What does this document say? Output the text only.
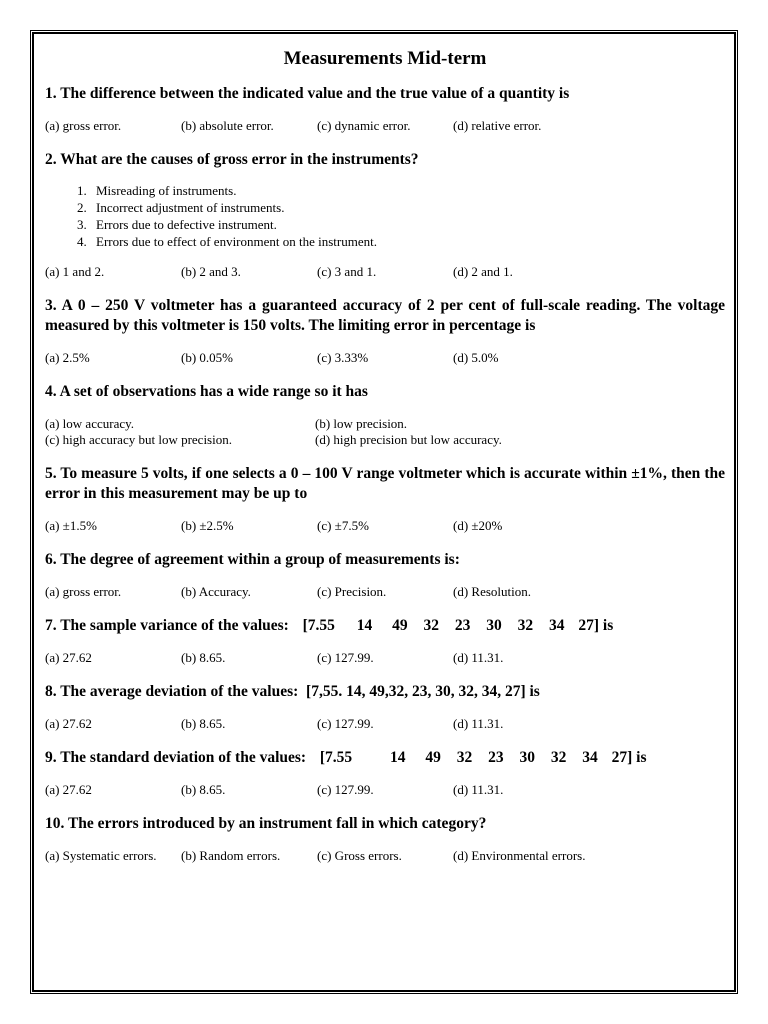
Measurements Mid-term
1. The difference between the indicated value and the true value of a quantity is
(a) gross error.	(b) absolute error.	(c) dynamic error.	(d) relative error.
2. What are the causes of gross error in the instruments?
1. Misreading of instruments.
2. Incorrect adjustment of instruments.
3. Errors due to defective instrument.
4. Errors due to effect of environment on the instrument.
(a) 1 and 2.	(b) 2 and 3.	(c) 3 and 1.	(d) 2 and 1.
3. A 0 – 250 V voltmeter has a guaranteed accuracy of 2 per cent of full-scale reading. The voltage measured by this voltmeter is 150 volts. The limiting error in percentage is
(a) 2.5%	(b) 0.05%	(c) 3.33%	(d) 5.0%
4. A set of observations has a wide range so it has
(a) low accuracy.	(b) low precision.
(c) high accuracy but low precision.	(d) high precision but low accuracy.
5. To measure 5 volts, if one selects a 0 – 100 V range voltmeter which is accurate within ±1%, then the error in this measurement may be up to
(a) ±1.5%	(b) ±2.5%	(c) ±7.5%	(d) ±20%
6. The degree of agreement within a group of measurements is:
(a) gross error.	(b) Accuracy.	(c) Precision.	(d) Resolution.
7. The sample variance of the values: [7.55 14 49 32 23 30 32 34 27] is
(a) 27.62	(b) 8.65.	(c) 127.99.	(d) 11.31.
8. The average deviation of the values:  [7,55. 14, 49,32, 23, 30, 32, 34, 27] is
(a) 27.62	(b) 8.65.	(c) 127.99.	(d) 11.31.
9. The standard deviation of the values: [7.55 14 49 32 23 30 32 34 27] is
(a) 27.62	(b) 8.65.	(c) 127.99.	(d) 11.31.
10. The errors introduced by an instrument fall in which category?
(a) Systematic errors.	(b) Random errors.	(c) Gross errors.	(d) Environmental errors.
